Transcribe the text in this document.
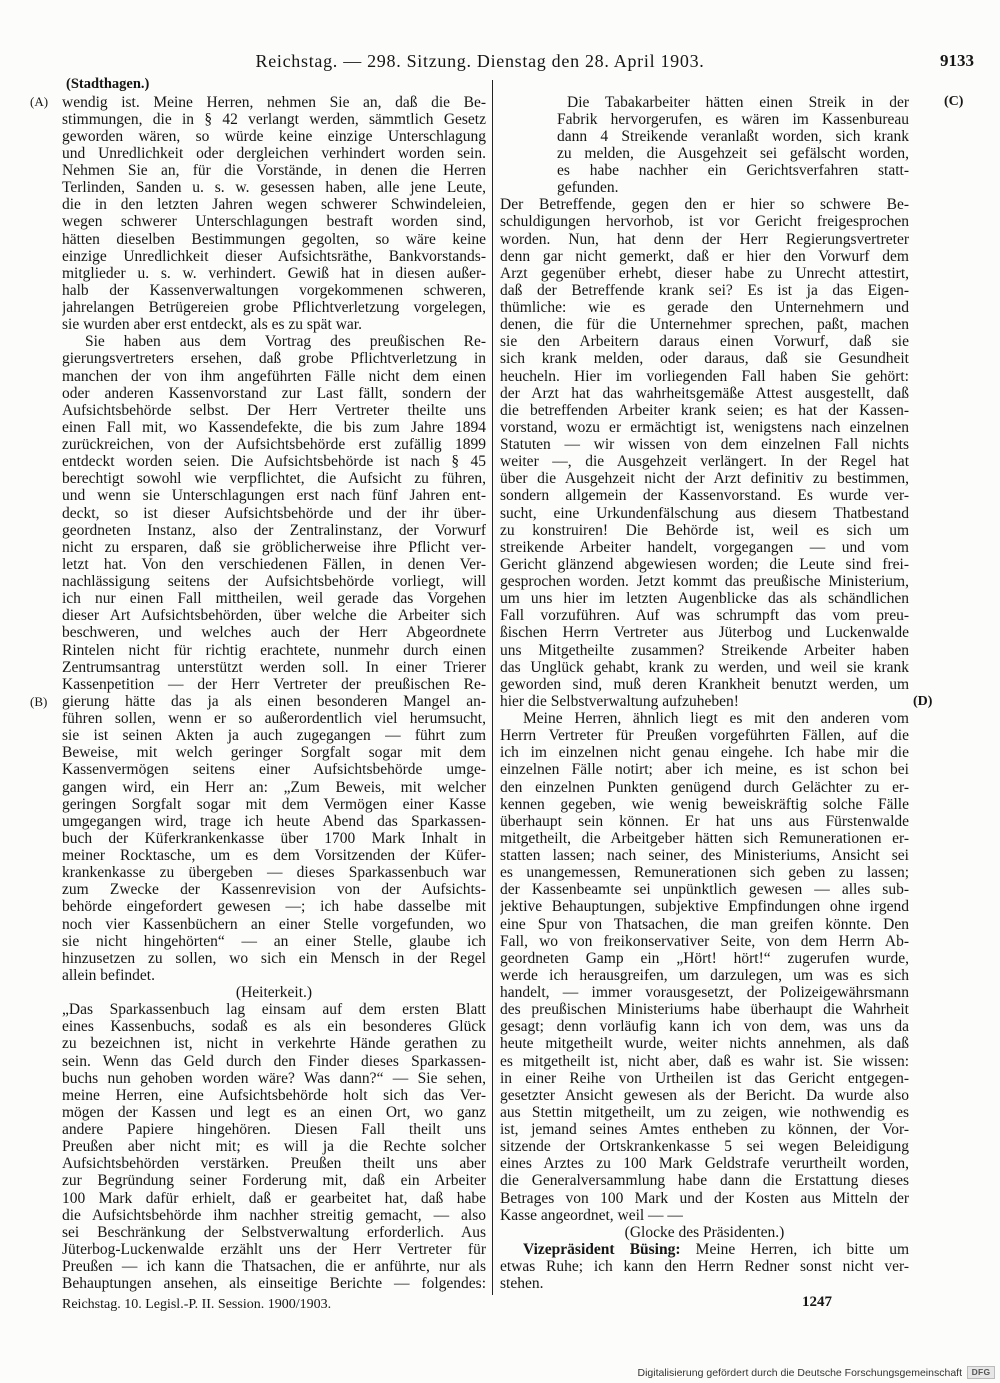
Reichstag. — 298. Sitzung. Dienstag den 28. April 1903.	9133
(A)
(B)
(C)
(D)
(Stadthagen.)
wendig ist. Meine Herren, nehmen Sie an, daß die Be-
stimmungen, die in § 42 verlangt werden, sämmtlich Gesetz
geworden wären, so würde keine einzige Unterschlagung
und Unredlichkeit oder dergleichen verhindert worden sein.
Nehmen Sie an, für die Vorstände, in denen die Herren
Terlinden, Sanden u. s. w. gesessen haben, alle jene Leute,
die in den letzten Jahren wegen schwerer Schwindeleien,
wegen schwerer Unterschlagungen bestraft worden sind,
hätten dieselben Bestimmungen gegolten, so wäre keine
einzige Unredlichkeit dieser Aufsichtsräthe, Bankvorstands-
mitglieder u. s. w. verhindert. Gewiß hat in diesen außer-
halb der Kassenverwaltungen vorgekommenen schweren,
jahrelangen Betrügereien grobe Pflichtverletzung vorgelegen,
sie wurden aber erst entdeckt, als es zu spät war.
Sie haben aus dem Vortrag des preußischen Re-
gierungsvertreters ersehen, daß grobe Pflichtverletzung in
manchen der von ihm angeführten Fälle nicht dem einen
oder anderen Kassenvorstand zur Last fällt, sondern der
Aufsichtsbehörde selbst. Der Herr Vertreter theilte uns
einen Fall mit, wo Kassendefekte, die bis zum Jahre 1894
zurückreichen, von der Aufsichtsbehörde erst zufällig 1899
entdeckt worden seien. Die Aufsichtsbehörde ist nach § 45
berechtigt sowohl wie verpflichtet, die Aufsicht zu führen,
und wenn sie Unterschlagungen erst nach fünf Jahren ent-
deckt, so ist dieser Aufsichtsbehörde und der ihr über-
geordneten Instanz, also der Zentralinstanz, der Vorwurf
nicht zu ersparen, daß sie gröblicherweise ihre Pflicht ver-
letzt hat. Von den verschiedenen Fällen, in denen Ver-
nachlässigung seitens der Aufsichtsbehörde vorliegt, will
ich nur einen Fall mittheilen, weil gerade das Vorgehen
dieser Art Aufsichtsbehörden, über welche die Arbeiter sich
beschweren, und welches auch der Herr Abgeordnete
Rintelen nicht für richtig erachtete, nunmehr durch einen
Zentrumsantrag unterstützt werden soll. In einer Trierer
Kassenpetition — der Herr Vertreter der preußischen Re-
gierung hätte das ja als einen besonderen Mangel an-
führen sollen, wenn er so außerordentlich viel herumsucht,
sie ist seinen Akten ja auch zugegangen — führt zum
Beweise, mit welch geringer Sorgfalt sogar mit dem
Kassenvermögen seitens einer Aufsichtsbehörde umge-
gangen wird, ein Herr an: „Zum Beweis, mit welcher
geringen Sorgfalt sogar mit dem Vermögen einer Kasse
umgegangen wird, trage ich heute Abend das Sparkassen-
buch der Küferkrankenkasse über 1700 Mark Inhalt in
meiner Rocktasche, um es dem Vorsitzenden der Küfer-
krankenkasse zu übergeben — dieses Sparkassenbuch war
zum Zwecke der Kassenrevision von der Aufsichts-
behörde eingefordert gewesen —; ich habe dasselbe mit
noch vier Kassenbüchern an einer Stelle vorgefunden, wo
sie nicht hingehörten“ — an einer Stelle, glaube ich
hinzusetzen zu sollen, wo sich ein Mensch in der Regel
allein befindet.
(Heiterkeit.)
„Das Sparkassenbuch lag einsam auf dem ersten Blatt
eines Kassenbuchs, sodaß es als ein besonderes Glück
zu bezeichnen ist, nicht in verkehrte Hände gerathen zu
sein. Wenn das Geld durch den Finder dieses Sparkassen-
buchs nun gehoben worden wäre? Was dann?“ — Sie sehen,
meine Herren, eine Aufsichtsbehörde holt sich das Ver-
mögen der Kassen und legt es an einen Ort, wo ganz
andere Papiere hingehören. Diesen Fall theilt uns
Preußen aber nicht mit; es will ja die Rechte solcher
Aufsichtsbehörden verstärken. Preußen theilt uns aber
zur Begründung seiner Forderung mit, daß ein Arbeiter
100 Mark dafür erhielt, daß er gearbeitet hat, daß habe
die Aufsichtsbehörde ihm nachher streitig gemacht, — also
sei Beschränkung der Selbstverwaltung erforderlich. Aus
Jüterbog-Luckenwalde erzählt uns der Herr Vertreter für
Preußen — ich kann die Thatsachen, die er anführte, nur als
Behauptungen ansehen, als einseitige Berichte — folgendes:
Die Tabakarbeiter hätten einen Streik in der
Fabrik hervorgerufen, es wären im Kassenbureau
dann 4 Streikende veranlaßt worden, sich krank
zu melden, die Ausgehzeit sei gefälscht worden,
es habe nachher ein Gerichtsverfahren statt-
gefunden.
Der Betreffende, gegen den er hier so schwere Be-
schuldigungen hervorhob, ist vor Gericht freigesprochen
worden. Nun, hat denn der Herr Regierungsvertreter
denn gar nicht gemerkt, daß er hier den Vorwurf dem
Arzt gegenüber erhebt, dieser habe zu Unrecht attestirt,
daß der Betreffende krank sei? Es ist ja das Eigen-
thümliche: wie es gerade den Unternehmern und
denen, die für die Unternehmer sprechen, paßt, machen
sie den Arbeitern daraus einen Vorwurf, daß sie
sich krank melden, oder daraus, daß sie Gesundheit
heucheln. Hier im vorliegenden Fall haben Sie gehört:
der Arzt hat das wahrheitsgemäße Attest ausgestellt, daß
die betreffenden Arbeiter krank seien; es hat der Kassen-
vorstand, wozu er ermächtigt ist, wenigstens nach einzelnen
Statuten — wir wissen von dem einzelnen Fall nichts
weiter —, die Ausgehzeit verlängert. In der Regel hat
über die Ausgehzeit nicht der Arzt definitiv zu bestimmen,
sondern allgemein der Kassenvorstand. Es wurde ver-
sucht, eine Urkundenfälschung aus diesem Thatbestand
zu konstruiren! Die Behörde ist, weil es sich um
streikende Arbeiter handelt, vorgegangen — und vom
Gericht glänzend abgewiesen worden; die Leute sind frei-
gesprochen worden. Jetzt kommt das preußische Ministerium,
um uns hier im letzten Augenblicke das als schändlichen
Fall vorzuführen. Auf was schrumpft das vom preu-
ßischen Herrn Vertreter aus Jüterbog und Luckenwalde
uns Mitgetheilte zusammen? Streikende Arbeiter haben
das Unglück gehabt, krank zu werden, und weil sie krank
geworden sind, muß deren Krankheit benutzt werden, um
hier die Selbstverwaltung aufzuheben!
Meine Herren, ähnlich liegt es mit den anderen vom
Herrn Vertreter für Preußen vorgeführten Fällen, auf die
ich im einzelnen nicht genau eingehe. Ich habe mir die
einzelnen Fälle notirt; aber ich meine, es ist schon bei
den einzelnen Punkten genügend durch Gelächter zu er-
kennen gegeben, wie wenig beweiskräftig solche Fälle
überhaupt sein können. Er hat uns aus Fürstenwalde
mitgetheilt, die Arbeitgeber hätten sich Remunerationen er-
statten lassen; nach seiner, des Ministeriums, Ansicht sei
es unangemessen, Remunerationen sich geben zu lassen;
der Kassenbeamte sei unpünktlich gewesen — alles sub-
jektive Behauptungen, subjektive Empfindungen ohne irgend
eine Spur von Thatsachen, die man greifen könnte. Den
Fall, wo von freikonservativer Seite, von dem Herrn Ab-
geordneten Gamp ein „Hört! hört!“ zugerufen wurde,
werde ich herausgreifen, um darzulegen, um was es sich
handelt, — immer vorausgesetzt, der Polizeigewährsmann
des preußischen Ministeriums habe überhaupt die Wahrheit
gesagt; denn vorläufig kann ich von dem, was uns da
heute mitgetheilt wurde, weiter nichts annehmen, als daß
es mitgetheilt ist, nicht aber, daß es wahr ist. Sie wissen:
in einer Reihe von Urtheilen ist das Gericht entgegen-
gesetzter Ansicht gewesen als der Bericht. Da wurde also
aus Stettin mitgetheilt, um zu zeigen, wie nothwendig es
ist, jemand seines Amtes entheben zu können, der Vor-
sitzende der Ortskrankenkasse 5 sei wegen Beleidigung
eines Arztes zu 100 Mark Geldstrafe verurtheilt worden,
die Generalversammlung habe dann die Erstattung dieses
Betrages von 100 Mark und der Kosten aus Mitteln der
Kasse angeordnet, weil — —
(Glocke des Präsidenten.)
Vizepräsident Büsing: Meine Herren, ich bitte um
etwas Ruhe; ich kann den Herrn Redner sonst nicht ver-
stehen.
Reichstag. 10. Legisl.-P. II. Session. 1900/1903.	1247
Digitalisierung gefördert durch die Deutsche Forschungsgemeinschaft	DFG
